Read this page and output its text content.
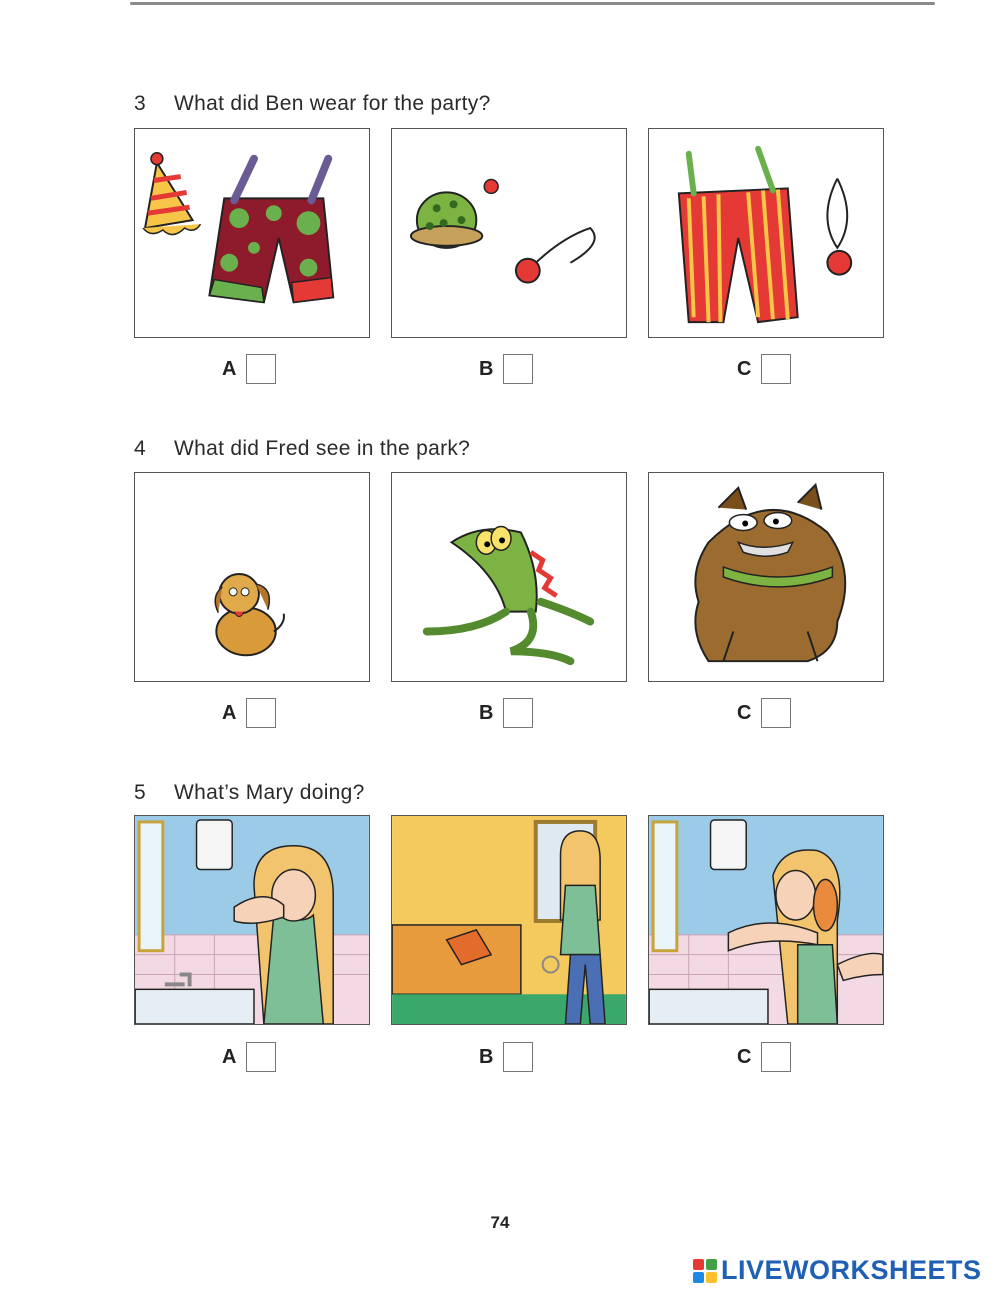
3 What did Ben wear for the party?
A	B	C
4 What did Fred see in the park?
A	B	C
5 What’s Mary doing?
A	B	C
74
LIVEWORKSHEETS
